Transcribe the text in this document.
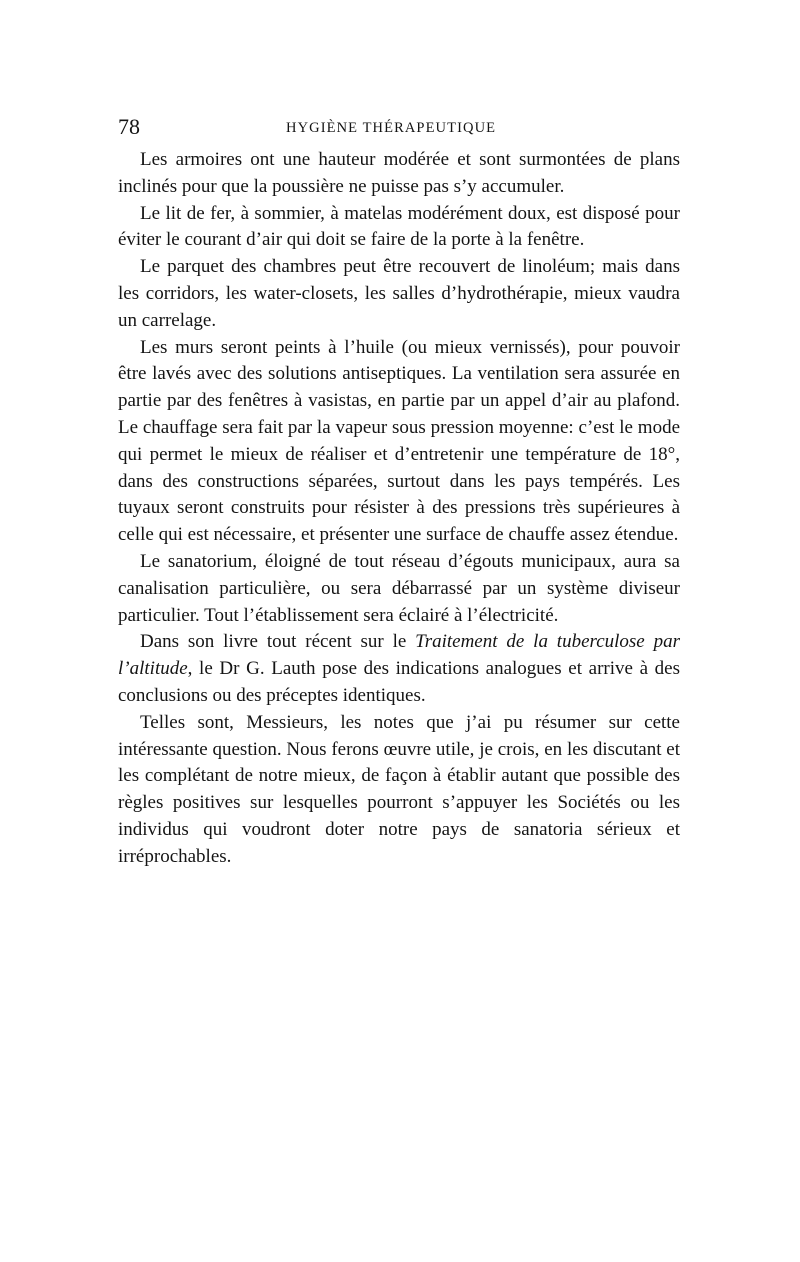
78	HYGIÈNE THÉRAPEUTIQUE

Les armoires ont une hauteur modérée et sont surmontées de plans inclinés pour que la poussière ne puisse pas s’y accumuler.

Le lit de fer, à sommier, à matelas modérément doux, est disposé pour éviter le courant d’air qui doit se faire de la porte à la fenêtre.

Le parquet des chambres peut être recouvert de linoléum; mais dans les corridors, les water-closets, les salles d’hydrothérapie, mieux vaudra un carrelage.

Les murs seront peints à l’huile (ou mieux vernissés), pour pouvoir être lavés avec des solutions antiseptiques. La ventilation sera assurée en partie par des fenêtres à vasistas, en partie par un appel d’air au plafond. Le chauffage sera fait par la vapeur sous pression moyenne: c’est le mode qui permet le mieux de réaliser et d’entretenir une température de 18°, dans des constructions séparées, surtout dans les pays tempérés. Les tuyaux seront construits pour résister à des pressions très supérieures à celle qui est nécessaire, et présenter une surface de chauffe assez étendue.

Le sanatorium, éloigné de tout réseau d’égouts municipaux, aura sa canalisation particulière, ou sera débarrassé par un système diviseur particulier. Tout l’établissement sera éclairé à l’électricité.

Dans son livre tout récent sur le Traitement de la tuberculose par l’altitude, le Dr G. Lauth pose des indications analogues et arrive à des conclusions ou des préceptes identiques.

Telles sont, Messieurs, les notes que j’ai pu résumer sur cette intéressante question. Nous ferons œuvre utile, je crois, en les discutant et les complétant de notre mieux, de façon à établir autant que possible des règles positives sur lesquelles pourront s’appuyer les Sociétés ou les individus qui voudront doter notre pays de sanatoria sérieux et irréprochables.
